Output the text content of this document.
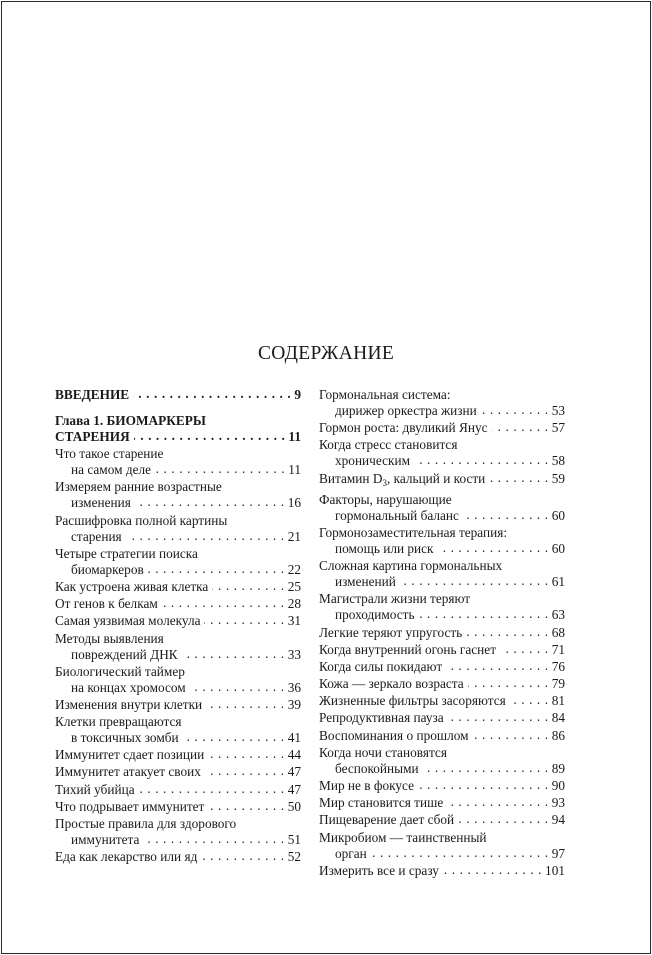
СОДЕРЖАНИЕ
ВВЕДЕНИЕ . . .	9
Глава 1. БИОМАРКЕРЫ
СТАРЕНИЯ . . .	11
Что такое старение
на самом деле . . .	11
Измеряем ранние возрастные
изменения . . .	16
Расшифровка полной картины
старения . . .	21
Четыре стратегии поиска
биомаркеров . . .	22
Как устроена живая клетка . . .	25
От генов к белкам . . .	28
Самая уязвимая молекула . . .	31
Методы выявления
повреждений ДНК . . .	33
Биологический таймер
на концах хромосом . . .	36
Изменения внутри клетки . . .	39
Клетки превращаются
в токсичных зомби . . .	41
Иммунитет сдает позиции . . .	44
Иммунитет атакует своих . . .	47
Тихий убийца . . .	47
Что подрывает иммунитет . . .	50
Простые правила для здорового
иммунитета . . .	51
Еда как лекарство или яд . . .	52
Гормональная система:
дирижер оркестра жизни . . .	53
Гормон роста: двуликий Янус . . .	57
Когда стресс становится
хроническим . . .	58
Витамин $D_3$, кальций и кости . . .	59
Факторы, нарушающие
гормональный баланс . . .	60
Гормонозаместительная терапия:
помощь или риск . . .	60
Сложная картина гормональных
изменений . . .	61
Магистрали жизни теряют
проходимость . . .	63
Легкие теряют упругость . . .	68
Когда внутренний огонь гаснет . . .	71
Когда силы покидают . . .	76
Кожа — зеркало возраста . . .	79
Жизненные фильтры засоряются . . .	81
Репродуктивная пауза . . .	84
Воспоминания о прошлом . . .	86
Когда ночи становятся
беспокойными . . .	89
Мир не в фокусе . . .	90
Мир становится тише . . .	93
Пищеварение дает сбой . . .	94
Микробиом — таинственный
орган . . .	97
Измерить все и сразу . . .	101
